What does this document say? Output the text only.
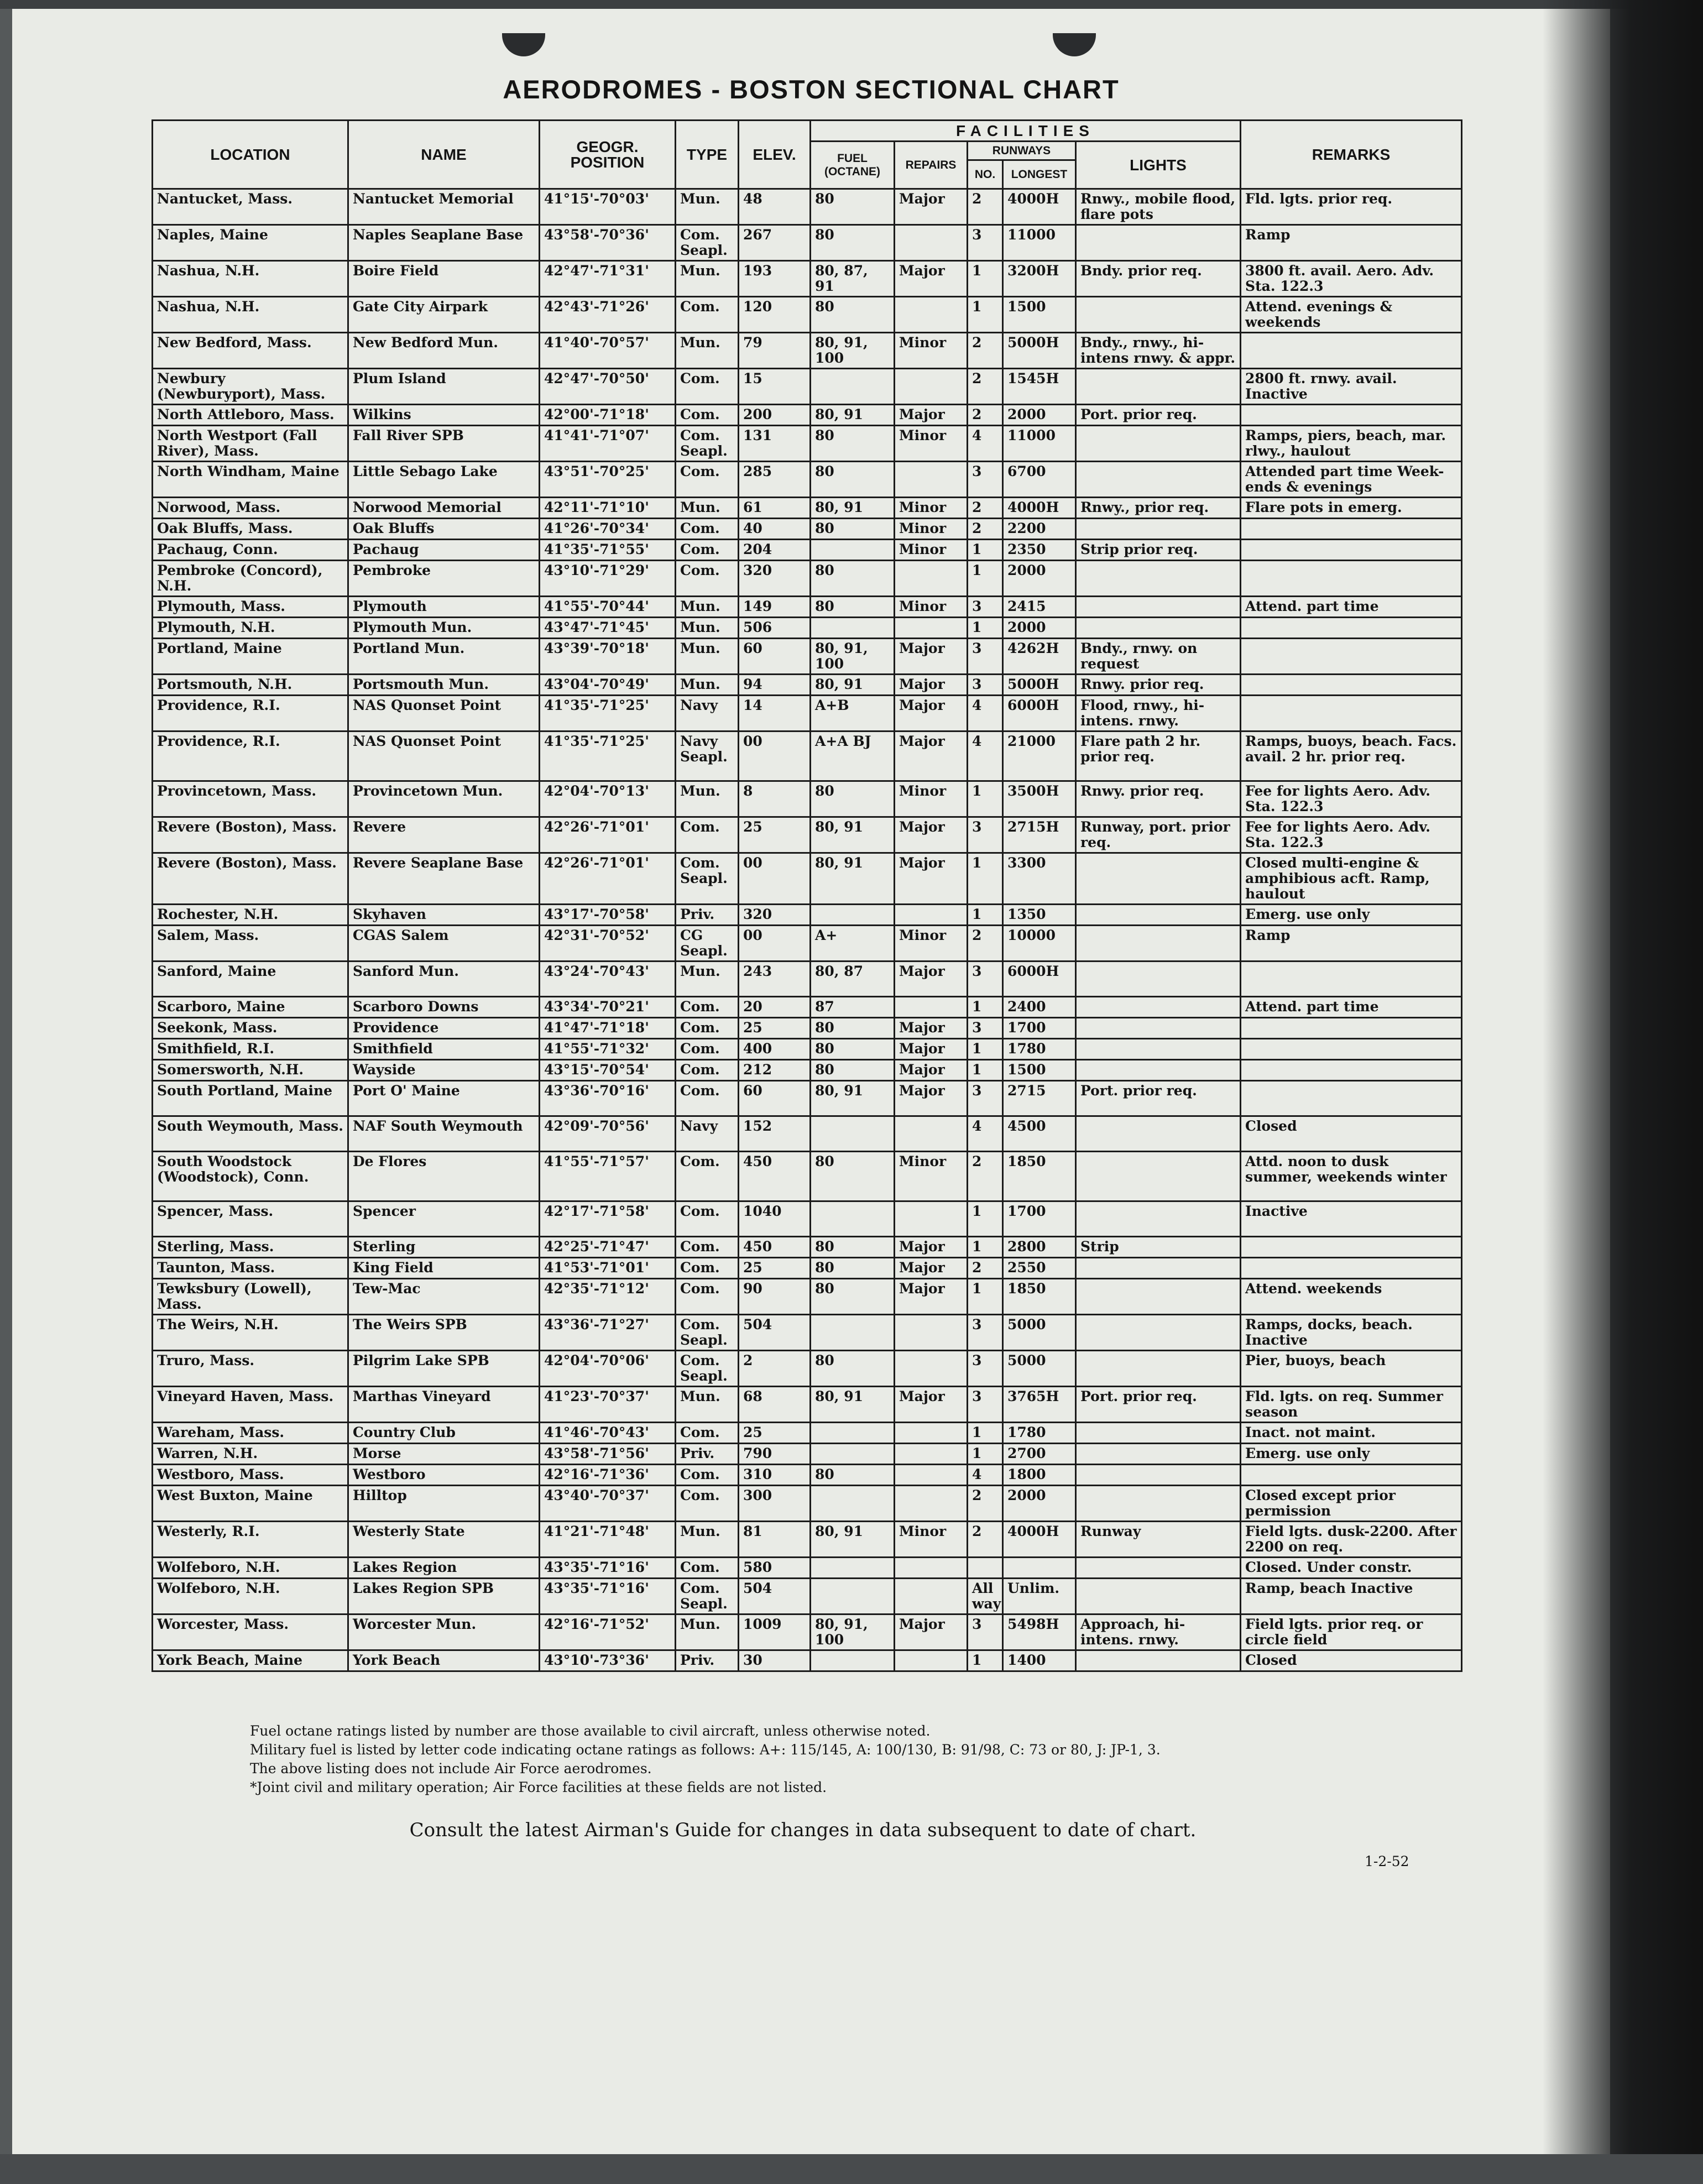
AERODROMES - BOSTON SECTIONAL CHART
LOCATION	NAME	GEOGR. POSITION	TYPE	ELEV.	FACILITIES					REMARKS
					FUEL (OCTANE)	REPAIRS	RUNWAYS		LIGHTS	
							NO.	LONGEST		
Nantucket, Mass.	Nantucket Memorial	41°15'-70°03'	Mun.	48	80	Major	2	4000H	Rnwy., mobile flood, flare pots	Fld. lgts. prior req.
Naples, Maine	Naples Seaplane Base	43°58'-70°36'	Com. Seapl.	267	80		3	11000		Ramp
Nashua, N.H.	Boire Field	42°47'-71°31'	Mun.	193	80, 87, 91	Major	1	3200H	Bndy. prior req.	3800 ft. avail. Aero. Adv. Sta. 122.3
Nashua, N.H.	Gate City Airpark	42°43'-71°26'	Com.	120	80		1	1500		Attend. evenings & weekends
New Bedford, Mass.	New Bedford Mun.	41°40'-70°57'	Mun.	79	80, 91, 100	Minor	2	5000H	Bndy., rnwy., hi-intens rnwy. & appr.	
Newbury (Newburyport), Mass.	Plum Island	42°47'-70°50'	Com.	15			2	1545H		2800 ft. rnwy. avail. Inactive
North Attleboro, Mass.	Wilkins	42°00'-71°18'	Com.	200	80, 91	Major	2	2000	Port. prior req.	
North Westport (Fall River), Mass.	Fall River SPB	41°41'-71°07'	Com. Seapl.	131	80	Minor	4	11000		Ramps, piers, beach, mar. rlwy., haulout
North Windham, Maine	Little Sebago Lake	43°51'-70°25'	Com.	285	80		3	6700		Attended part time Week-ends & evenings
Norwood, Mass.	Norwood Memorial	42°11'-71°10'	Mun.	61	80, 91	Minor	2	4000H	Rnwy., prior req.	Flare pots in emerg.
Oak Bluffs, Mass.	Oak Bluffs	41°26'-70°34'	Com.	40	80	Minor	2	2200		
Pachaug, Conn.	Pachaug	41°35'-71°55'	Com.	204		Minor	1	2350	Strip prior req.	
Pembroke (Concord), N.H.	Pembroke	43°10'-71°29'	Com.	320	80		1	2000		
Plymouth, Mass.	Plymouth	41°55'-70°44'	Mun.	149	80	Minor	3	2415		Attend. part time
Plymouth, N.H.	Plymouth Mun.	43°47'-71°45'	Mun.	506			1	2000		
Portland, Maine	Portland Mun.	43°39'-70°18'	Mun.	60	80, 91, 100	Major	3	4262H	Bndy., rnwy. on request	
Portsmouth, N.H.	Portsmouth Mun.	43°04'-70°49'	Mun.	94	80, 91	Major	3	5000H	Rnwy. prior req.	
Providence, R.I.	NAS Quonset Point	41°35'-71°25'	Navy	14	A+B	Major	4	6000H	Flood, rnwy., hi-intens. rnwy.	
Providence, R.I.	NAS Quonset Point	41°35'-71°25'	Navy Seapl.	00	A+A BJ	Major	4	21000	Flare path 2 hr. prior req.	Ramps, buoys, beach. Facs. avail. 2 hr. prior req.
Provincetown, Mass.	Provincetown Mun.	42°04'-70°13'	Mun.	8	80	Minor	1	3500H	Rnwy. prior req.	Fee for lights Aero. Adv. Sta. 122.3
Revere (Boston), Mass.	Revere	42°26'-71°01'	Com.	25	80, 91	Major	3	2715H	Runway, port. prior req.	Fee for lights Aero. Adv. Sta. 122.3
Revere (Boston), Mass.	Revere Seaplane Base	42°26'-71°01'	Com. Seapl.	00	80, 91	Major	1	3300		Closed multi-engine & amphibious acft. Ramp, haulout
Rochester, N.H.	Skyhaven	43°17'-70°58'	Priv.	320			1	1350		Emerg. use only
Salem, Mass.	CGAS Salem	42°31'-70°52'	CG Seapl.	00	A+	Minor	2	10000		Ramp
Sanford, Maine	Sanford Mun.	43°24'-70°43'	Mun.	243	80, 87	Major	3	6000H		
Scarboro, Maine	Scarboro Downs	43°34'-70°21'	Com.	20	87		1	2400		Attend. part time
Seekonk, Mass.	Providence	41°47'-71°18'	Com.	25	80	Major	3	1700		
Smithfield, R.I.	Smithfield	41°55'-71°32'	Com.	400	80	Major	1	1780		
Somersworth, N.H.	Wayside	43°15'-70°54'	Com.	212	80	Major	1	1500		
South Portland, Maine	Port O' Maine	43°36'-70°16'	Com.	60	80, 91	Major	3	2715	Port. prior req.	
South Weymouth, Mass.	NAF South Weymouth	42°09'-70°56'	Navy	152			4	4500		Closed
South Woodstock (Woodstock), Conn.	De Flores	41°55'-71°57'	Com.	450	80	Minor	2	1850		Attd. noon to dusk summer, weekends winter
Spencer, Mass.	Spencer	42°17'-71°58'	Com.	1040			1	1700		Inactive
Sterling, Mass.	Sterling	42°25'-71°47'	Com.	450	80	Major	1	2800	Strip	
Taunton, Mass.	King Field	41°53'-71°01'	Com.	25	80	Major	2	2550		
Tewksbury (Lowell), Mass.	Tew-Mac	42°35'-71°12'	Com.	90	80	Major	1	1850		Attend. weekends
The Weirs, N.H.	The Weirs SPB	43°36'-71°27'	Com. Seapl.	504			3	5000		Ramps, docks, beach. Inactive
Truro, Mass.	Pilgrim Lake SPB	42°04'-70°06'	Com. Seapl.	2	80		3	5000		Pier, buoys, beach
Vineyard Haven, Mass.	Marthas Vineyard	41°23'-70°37'	Mun.	68	80, 91	Major	3	3765H	Port. prior req.	Fld. lgts. on req. Summer season
Wareham, Mass.	Country Club	41°46'-70°43'	Com.	25			1	1780		Inact. not maint.
Warren, N.H.	Morse	43°58'-71°56'	Priv.	790			1	2700		Emerg. use only
Westboro, Mass.	Westboro	42°16'-71°36'	Com.	310	80		4	1800		
West Buxton, Maine	Hilltop	43°40'-70°37'	Com.	300			2	2000		Closed except prior permission
Westerly, R.I.	Westerly State	41°21'-71°48'	Mun.	81	80, 91	Minor	2	4000H	Runway	Field lgts. dusk-2200. After 2200 on req.
Wolfeboro, N.H.	Lakes Region	43°35'-71°16'	Com.	580						Closed. Under constr.
Wolfeboro, N.H.	Lakes Region SPB	43°35'-71°16'	Com. Seapl.	504			All way	Unlim.		Ramp, beach Inactive
Worcester, Mass.	Worcester Mun.	42°16'-71°52'	Mun.	1009	80, 91, 100	Major	3	5498H	Approach, hi-intens. rnwy.	Field lgts. prior req. or circle field
York Beach, Maine	York Beach	43°10'-73°36'	Priv.	30			1	1400		Closed
Fuel octane ratings listed by number are those available to civil aircraft, unless otherwise noted.
Military fuel is listed by letter code indicating octane ratings as follows: A+: 115/145, A: 100/130, B: 91/98, C: 73 or 80, J: JP-1, 3.
The above listing does not include Air Force aerodromes.
*Joint civil and military operation; Air Force facilities at these fields are not listed.
Consult the latest Airman's Guide for changes in data subsequent to date of chart.
1-2-52
